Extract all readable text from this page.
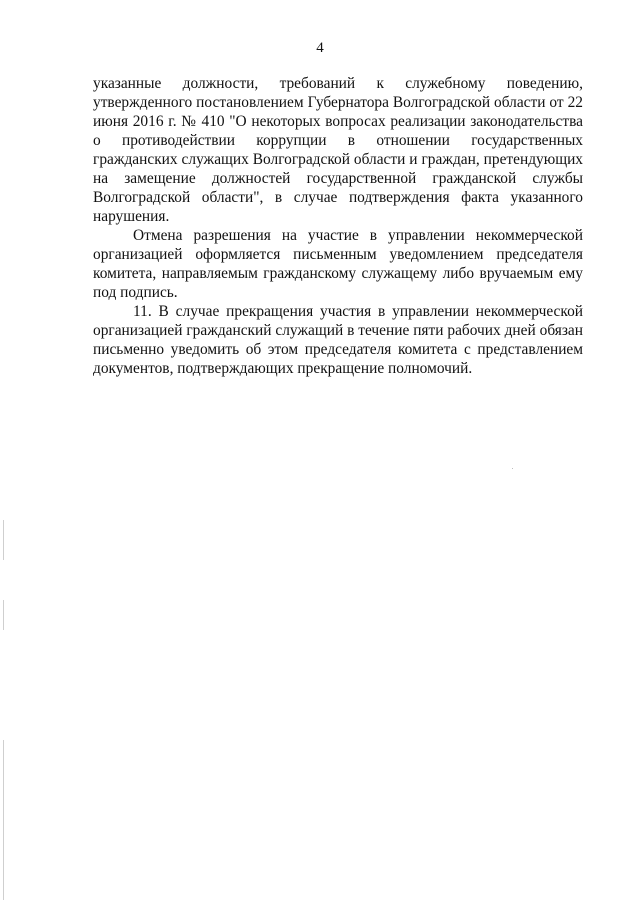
4

указанные должности, требований к служебному поведению, утвержденного постановлением Губернатора Волгоградской области от 22 июня 2016 г. № 410 "О некоторых вопросах реализации законодательства о противодействии коррупции в отношении государственных гражданских служащих Волгоградской области и граждан, претендующих на замещение должностей государственной гражданской службы Волгоградской области", в случае подтверждения факта указанного нарушения.

Отмена разрешения на участие в управлении некоммерческой организацией оформляется письменным уведомлением председателя комитета, направляемым гражданскому служащему либо вручаемым ему под подпись.

11. В случае прекращения участия в управлении некоммерческой организацией гражданский служащий в течение пяти рабочих дней обязан письменно уведомить об этом председателя комитета с представлением документов, подтверждающих прекращение полномочий.
